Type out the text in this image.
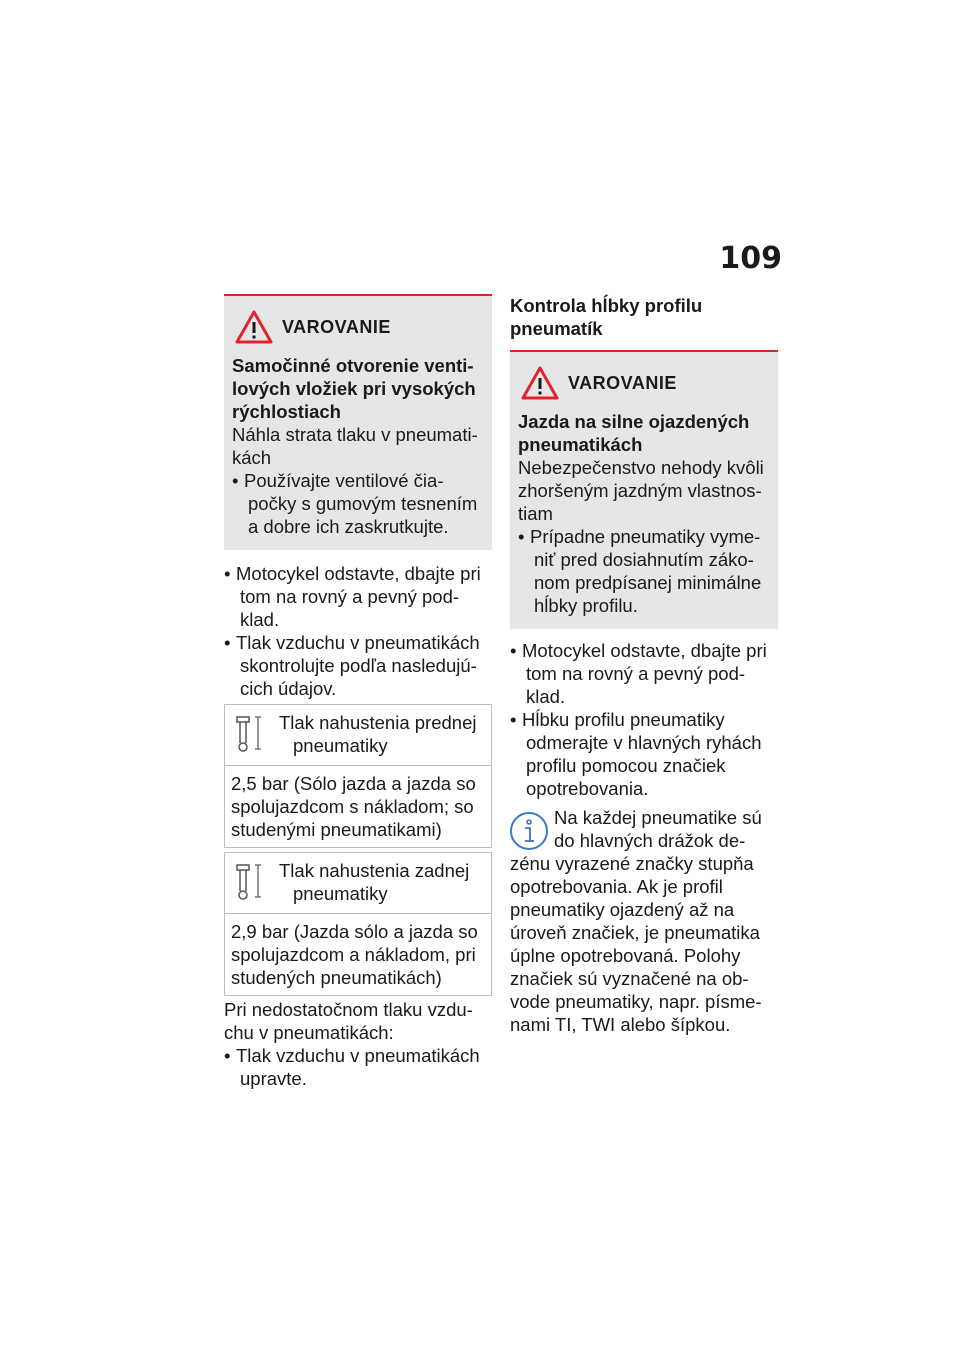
109
VAROVANIE
Samočinné otvorenie venti-
lových vložiek pri vysokých
rýchlostiach
Náhla strata tlaku v pneumati-
kách
• Používajte ventilové čia-
počky s gumovým tesnením
a dobre ich zaskrutkujte.
• Motocykel odstavte, dbajte pri
tom na rovný a pevný pod-
klad.
• Tlak vzduchu v pneumatikách
skontrolujte podľa nasledujú-
cich údajov.
Tlak nahustenia prednej
pneumatiky
2,5 bar (Sólo jazda a jazda so
spolujazdcom s nákladom; so
studenými pneumatikami)
Tlak nahustenia zadnej
pneumatiky
2,9 bar (Jazda sólo a jazda so
spolujazdcom a nákladom, pri
studených pneumatikách)
Pri nedostatočnom tlaku vzdu-
chu v pneumatikách:
• Tlak vzduchu v pneumatikách
upravte.
Kontrola hĺbky profilu
pneumatík
VAROVANIE
Jazda na silne ojazdených
pneumatikách
Nebezpečenstvo nehody kvôli
zhoršeným jazdným vlastnos-
tiam
• Prípadne pneumatiky vyme-
niť pred dosiahnutím záko-
nom predpísanej minimálne
hĺbky profilu.
• Motocykel odstavte, dbajte pri
tom na rovný a pevný pod-
klad.
• Hĺbku profilu pneumatiky
odmerajte v hlavných ryhách
profilu pomocou značiek
opotrebovania.
Na každej pneumatike sú
do hlavných drážok de-
zénu vyrazené značky stupňa
opotrebovania. Ak je profil
pneumatiky ojazdený až na
úroveň značiek, je pneumatika
úplne opotrebovaná. Polohy
značiek sú vyznačené na ob-
vode pneumatiky, napr. písme-
nami TI, TWI alebo šípkou.
